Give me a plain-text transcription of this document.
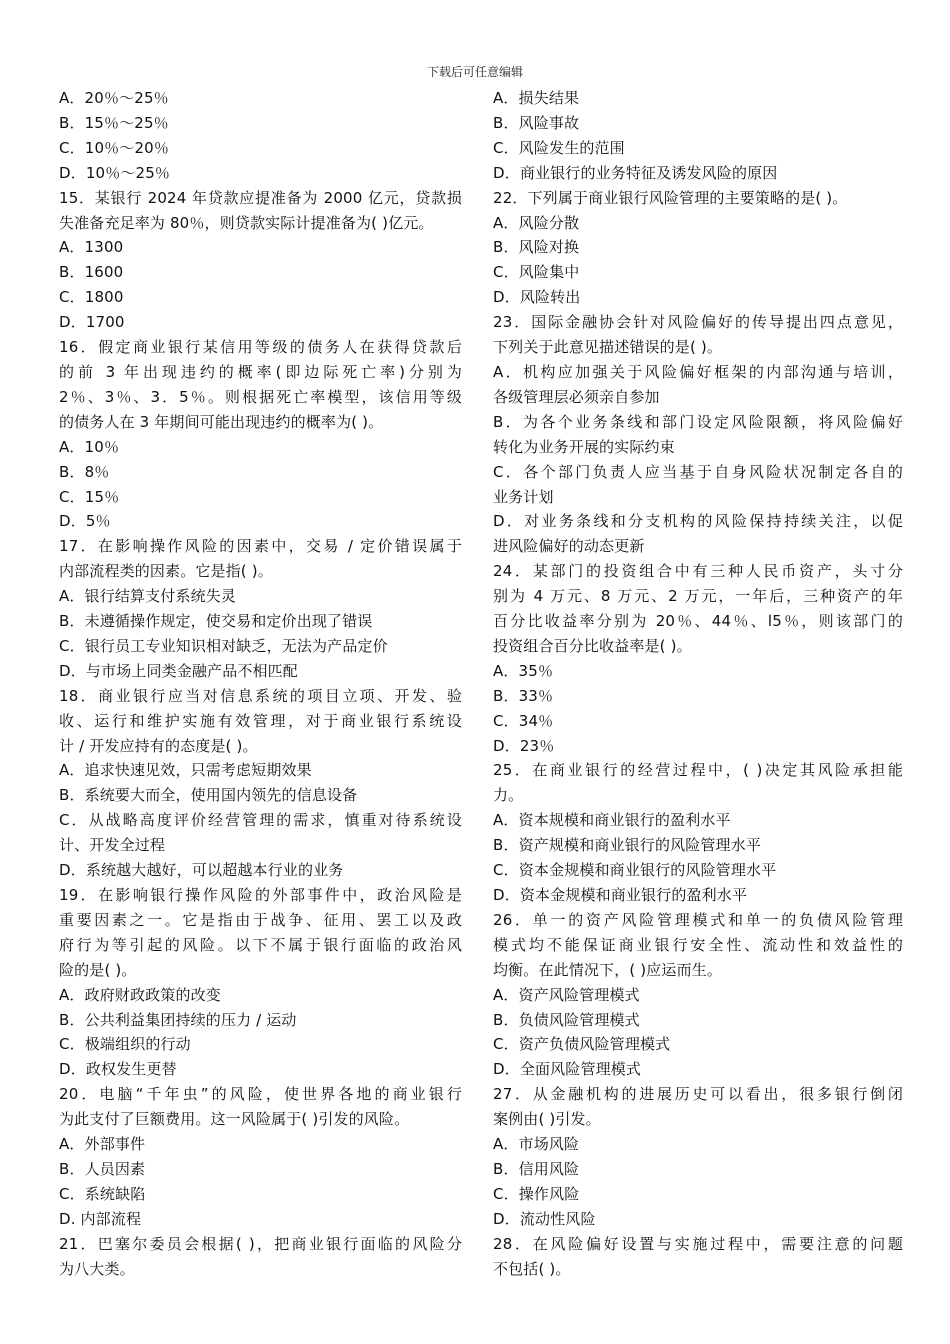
下载后可任意编辑
A．20％～25％
B．15％～25％
C．10％～20％
D．10％～25％
15．某银行 2024 年贷款应提准备为 2000 亿元，贷款损
失准备充足率为 80％，则贷款实际计提准备为( )亿元。
A．1300
B．1600
C．1800
D．1700
16．假定商业银行某信用等级的债务人在获得贷款后
的前 3 年出现违约的概率(即边际死亡率)分别为
2％、3％、3．5％。则根据死亡率模型，该信用等级
的债务人在 3 年期间可能出现违约的概率为( )。
A．10％
B．8％
C．15％
D．5％
17．在影响操作风险的因素中，交易 / 定价错误属于
内部流程类的因素。它是指( )。
A．银行结算支付系统失灵
B．未遵循操作规定，使交易和定价出现了错误
C．银行员工专业知识相对缺乏，无法为产品定价
D．与市场上同类金融产品不相匹配
18．商业银行应当对信息系统的项目立项、开发、验
收、运行和维护实施有效管理，对于商业银行系统设
计 / 开发应持有的态度是( )。
A．追求快速见效，只需考虑短期效果
B．系统要大而全，使用国内领先的信息设备
C．从战略高度评价经营管理的需求，慎重对待系统设
计、开发全过程
D．系统越大越好，可以超越本行业的业务
19．在影响银行操作风险的外部事件中，政治风险是
重要因素之一。它是指由于战争、征用、罢工以及政
府行为等引起的风险。以下不属于银行面临的政治风
险的是( )。
A．政府财政政策的改变
B．公共利益集团持续的压力 / 运动
C．极端组织的行动
D．政权发生更替
20．电脑“千年虫”的风险，使世界各地的商业银行
为此支付了巨额费用。这一风险属于( )引发的风险。
A．外部事件
B．人员因素
C．系统缺陷
D. 内部流程
21．巴塞尔委员会根据( )，把商业银行面临的风险分
为八大类。
A．损失结果
B．风险事故
C．风险发生的范围
D．商业银行的业务特征及诱发风险的原因
22．下列属于商业银行风险管理的主要策略的是( )。
A．风险分散
B．风险对换
C．风险集中
D．风险转出
23．国际金融协会针对风险偏好的传导提出四点意见，
下列关于此意见描述错误的是( )。
A．机构应加强关于风险偏好框架的内部沟通与培训，
各级管理层必须亲自参加
B．为各个业务条线和部门设定风险限额，将风险偏好
转化为业务开展的实际约束
C．各个部门负责人应当基于自身风险状况制定各自的
业务计划
D．对业务条线和分支机构的风险保持持续关注，以促
进风险偏好的动态更新
24．某部门的投资组合中有三种人民币资产，头寸分
别为 4 万元、8 万元、2 万元，一年后，三种资产的年
百分比收益率分别为 20％、44％、l5％，则该部门的
投资组合百分比收益率是( )。
A．35％
B．33％
C．34％
D．23％
25．在商业银行的经营过程中，( )决定其风险承担能
力。
A．资本规模和商业银行的盈利水平
B．资产规模和商业银行的风险管理水平
C．资本金规模和商业银行的风险管理水平
D．资本金规模和商业银行的盈利水平
26．单一的资产风险管理模式和单一的负债风险管理
模式均不能保证商业银行安全性、流动性和效益性的
均衡。在此情况下，( )应运而生。
A．资产风险管理模式
B．负债风险管理模式
C．资产负债风险管理模式
D．全面风险管理模式
27．从金融机构的进展历史可以看出，很多银行倒闭
案例由( )引发。
A．市场风险
B．信用风险
C．操作风险
D．流动性风险
28．在风险偏好设置与实施过程中，需要注意的问题
不包括( )。
